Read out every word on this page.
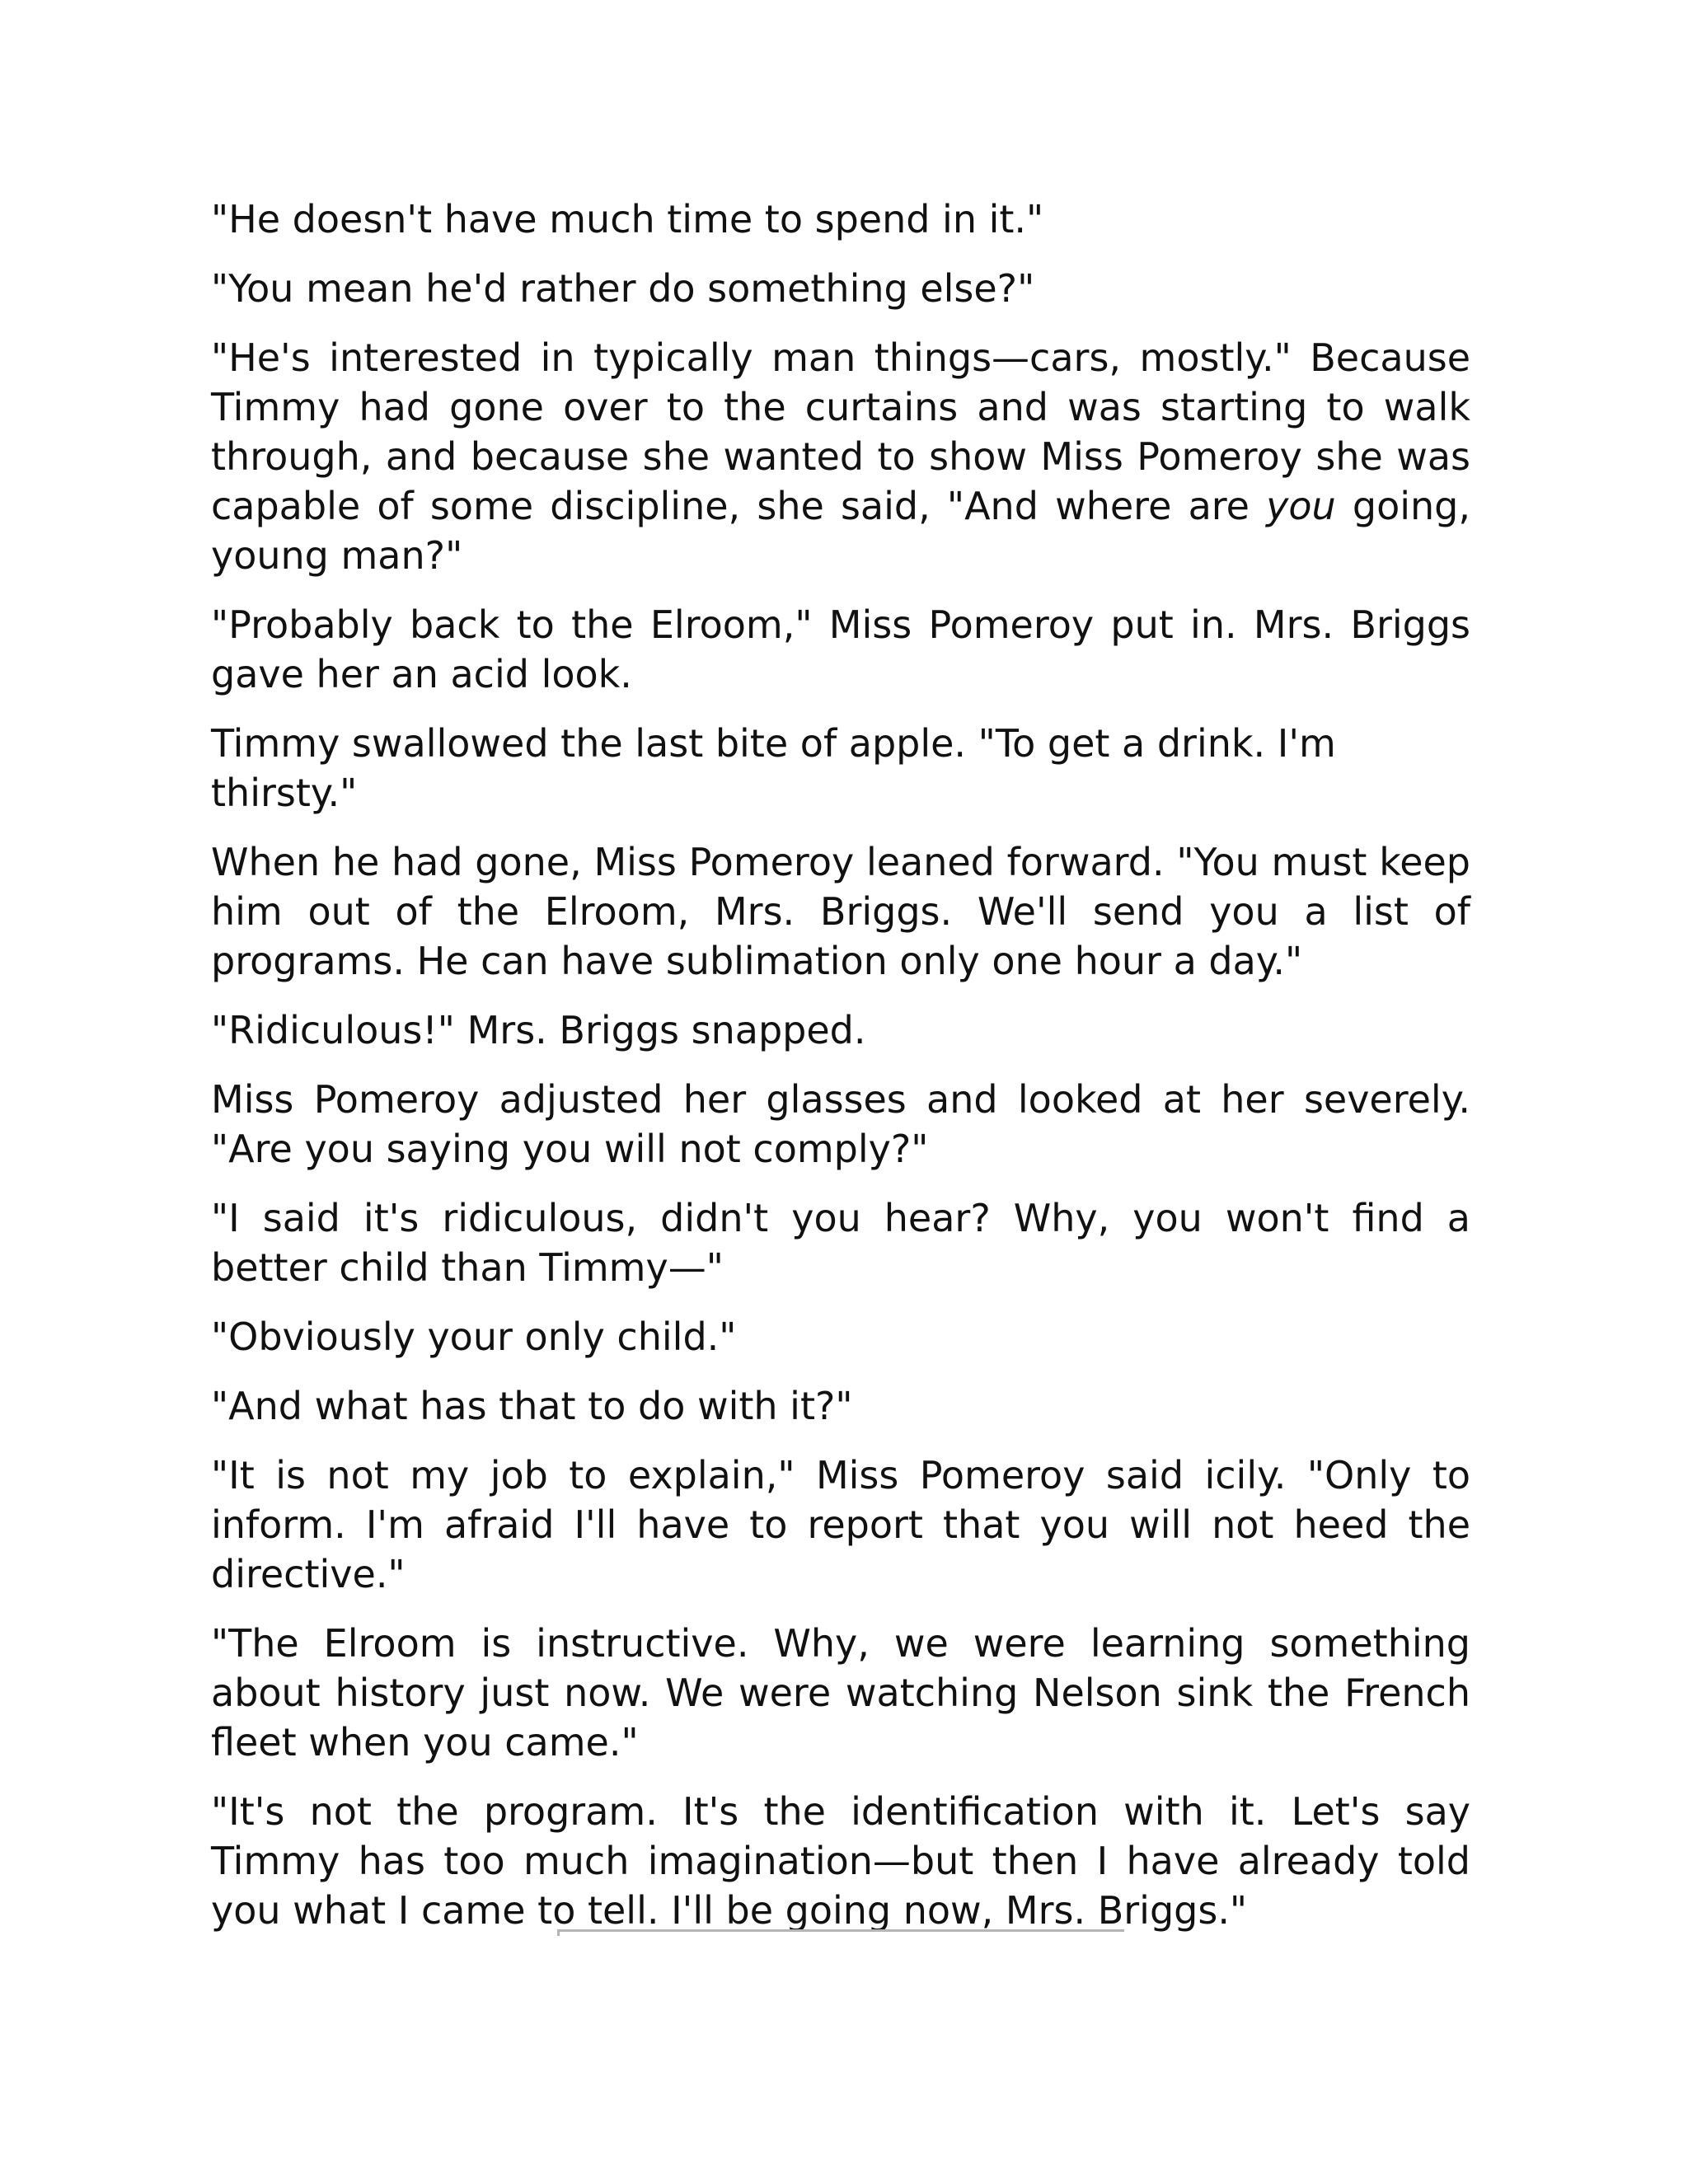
"He doesn't have much time to spend in it."

"You mean he'd rather do something else?"

"He's interested in typically man things—cars, mostly." Because Timmy had gone over to the curtains and was starting to walk through, and because she wanted to show Miss Pomeroy she was capable of some discipline, she said, "And where are you going, young man?"

"Probably back to the Elroom," Miss Pomeroy put in. Mrs. Briggs gave her an acid look.

Timmy swallowed the last bite of apple. "To get a drink. I'm thirsty."

When he had gone, Miss Pomeroy leaned forward. "You must keep him out of the Elroom, Mrs. Briggs. We'll send you a list of programs. He can have sublimation only one hour a day."

"Ridiculous!" Mrs. Briggs snapped.

Miss Pomeroy adjusted her glasses and looked at her severely. "Are you saying you will not comply?"

"I said it's ridiculous, didn't you hear? Why, you won't find a better child than Timmy—"

"Obviously your only child."

"And what has that to do with it?"

"It is not my job to explain," Miss Pomeroy said icily. "Only to inform. I'm afraid I'll have to report that you will not heed the directive."

"The Elroom is instructive. Why, we were learning something about history just now. We were watching Nelson sink the French fleet when you came."

"It's not the program. It's the identification with it. Let's say Timmy has too much imagination—but then I have already told you what I came to tell. I'll be going now, Mrs. Briggs."
